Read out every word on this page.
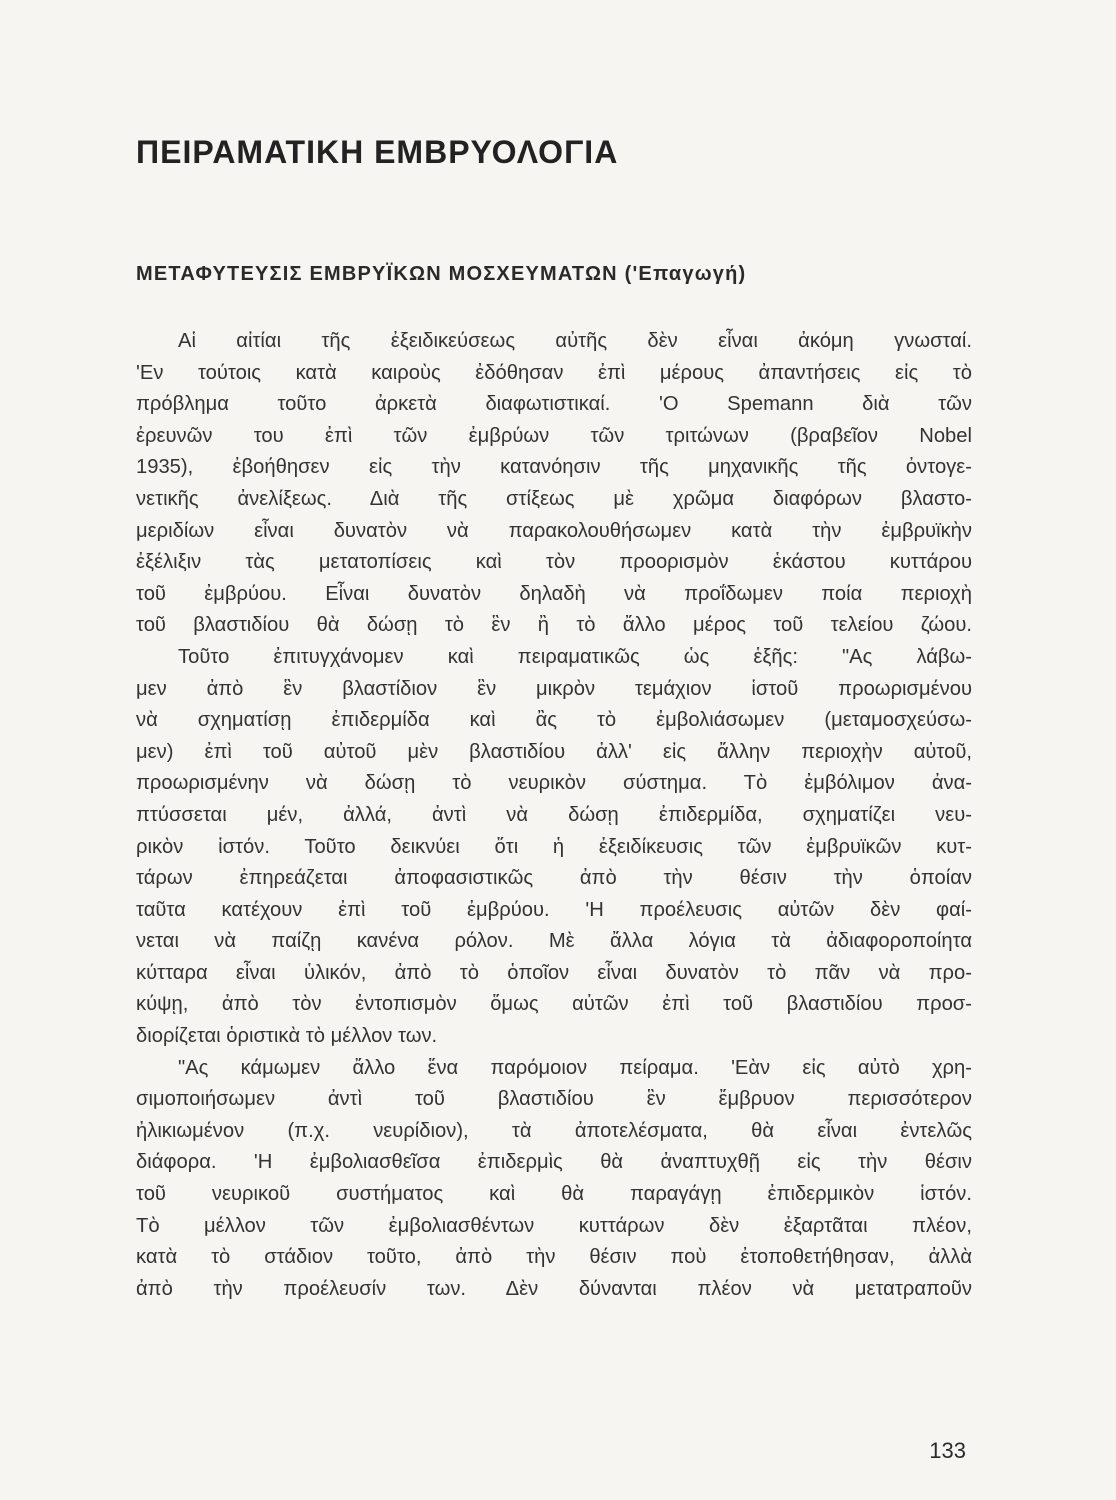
ΠΕΙΡΑΜΑΤΙΚΗ ΕΜΒΡΥΟΛΟΓΙΑ
ΜΕΤΑΦΥΤΕΥΣΙΣ ΕΜΒΡΥΪΚΩΝ ΜΟΣΧΕΥΜΑΤΩΝ ('Επαγωγή)
Αἱ αἰτίαι τῆς ἐξειδικεύσεως αὐτῆς δὲν εἶναι ἀκόμη γνωσταί.
'Εν τούτοις κατὰ καιροὺς ἐδόθησαν ἐπὶ μέρους ἀπαντήσεις εἰς τὸ
πρόβλημα τοῦτο ἀρκετὰ διαφωτιστικαί. 'Ο Spemann διὰ τῶν
ἐρευνῶν του ἐπὶ τῶν ἐμβρύων τῶν τριτώνων (βραβεῖον Nobel
1935), ἐβοήθησεν εἰς τὴν κατανόησιν τῆς μηχανικῆς τῆς ὀντογε-
νετικῆς ἀνελίξεως. Διὰ τῆς στίξεως μὲ χρῶμα διαφόρων βλαστο-
μεριδίων εἶναι δυνατὸν νὰ παρακολουθήσωμεν κατὰ τὴν ἐμβρυϊκὴν
ἐξέλιξιν τὰς μετατοπίσεις καὶ τὸν προορισμὸν ἑκάστου κυττάρου
τοῦ ἐμβρύου. Εἶναι δυνατὸν δηλαδὴ νὰ προΐδωμεν ποία περιοχὴ
τοῦ βλαστιδίου θὰ δώσῃ τὸ ἓν ἢ τὸ ἄλλο μέρος τοῦ τελείου ζώου.
Τοῦτο ἐπιτυγχάνομεν καὶ πειραματικῶς ὡς ἑξῆς: "Ας λάβω-
μεν ἀπὸ ἓν βλαστίδιον ἓν μικρὸν τεμάχιον ἱστοῦ προωρισμένου
νὰ σχηματίσῃ ἐπιδερμίδα καὶ ἂς τὸ ἐμβολιάσωμεν (μεταμοσχεύσω-
μεν) ἐπὶ τοῦ αὐτοῦ μὲν βλαστιδίου ἀλλ' εἰς ἄλλην περιοχὴν αὐτοῦ,
προωρισμένην νὰ δώσῃ τὸ νευρικὸν σύστημα. Τὸ ἐμβόλιμον ἀνα-
πτύσσεται μέν, ἀλλά, ἀντὶ νὰ δώσῃ ἐπιδερμίδα, σχηματίζει νευ-
ρικὸν ἱστόν. Τοῦτο δεικνύει ὅτι ἡ ἐξειδίκευσις τῶν ἐμβρυϊκῶν κυτ-
τάρων ἐπηρεάζεται ἀποφασιστικῶς ἀπὸ τὴν θέσιν τὴν ὁποίαν
ταῦτα κατέχουν ἐπὶ τοῦ ἐμβρύου. 'Η προέλευσις αὐτῶν δὲν φαί-
νεται νὰ παίζῃ κανένα ρόλον. Μὲ ἄλλα λόγια τὰ ἀδιαφοροποίητα
κύτταρα εἶναι ὑλικόν, ἀπὸ τὸ ὁποῖον εἶναι δυνατὸν τὸ πᾶν νὰ προ-
κύψῃ, ἀπὸ τὸν ἐντοπισμὸν ὅμως αὐτῶν ἐπὶ τοῦ βλαστιδίου προσ-
διορίζεται ὁριστικὰ τὸ μέλλον των.
"Ας κάμωμεν ἄλλο ἕνα παρόμοιον πείραμα. 'Εὰν εἰς αὐτὸ χρη-
σιμοποιήσωμεν ἀντὶ τοῦ βλαστιδίου ἓν ἔμβρυον περισσότερον
ἠλικιωμένον (π.χ. νευρίδιον), τὰ ἀποτελέσματα, θὰ εἶναι ἐντελῶς
διάφορα. 'Η ἐμβολιασθεῖσα ἐπιδερμὶς θὰ ἀναπτυχθῇ εἰς τὴν θέσιν
τοῦ νευρικοῦ συστήματος καὶ θὰ παραγάγῃ ἐπιδερμικὸν ἱστόν.
Τὸ μέλλον τῶν ἐμβολιασθέντων κυττάρων δὲν ἐξαρτᾶται πλέον,
κατὰ τὸ στάδιον τοῦτο, ἀπὸ τὴν θέσιν ποὺ ἐτοποθετήθησαν, ἀλλὰ
ἀπὸ τὴν προέλευσίν των. Δὲν δύνανται πλέον νὰ μετατραποῦν
133
